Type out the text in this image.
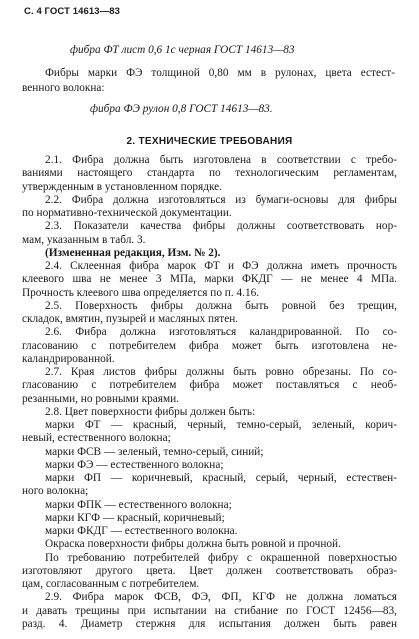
С. 4 ГОСТ 14613—83
фибра ФТ лист 0,6 1с черная ГОСТ 14613—83
Фибры марки ФЭ толщиной 0,80 мм в рулонах, цвета естест-
венного волокна:
фибра ФЭ рулон 0,8 ГОСТ 14613—83.
2. ТЕХНИЧЕСКИЕ ТРЕБОВАНИЯ
2.1. Фибра должна быть изготовлена в соответствии с требо-
ваниями настоящего стандарта по технологическим регламентам,
утвержденным в установленном порядке.
2.2. Фибра должна изготовляться из бумаги-основы для фибры
по нормативно-технической документации.
2.3. Показатели качества фибры должны соответствовать нор-
мам, указанным в табл. 3.
(Измененная редакция, Изм. № 2).
2.4. Склеенная фибра марок ФТ и ФЭ должна иметь прочность
клеевого шва не менее 3 МПа, марки ФКДГ — не менее 4 МПа.
Прочность клеевого шва определяется по п. 4.16.
2.5. Поверхность фибры должна быть ровной без трещин,
складок, вмятин, пузырей и масляных пятен.
2.6. Фибра должна изготовляться каландрированной. По со-
гласованию с потребителем фибра может быть изготовлена не-
каландрированной.
2.7. Края листов фибры должны быть ровно обрезаны. По со-
гласованию с потребителем фибра может поставляться с необ-
резанными, но ровными краями.
2.8. Цвет поверхности фибры должен быть:
марки ФТ — красный, черный, темно-серый, зеленый, корич-
невый, естественного волокна;
марки ФСВ — зеленый, темно-серый, синий;
марки ФЭ — естественного волокна;
марки ФП — коричневый, красный, серый, черный, естествен-
ного волокна;
марки ФПК — естественного волокна;
марки КГФ — красный, коричневый;
марки ФКДГ — естественного волокна.
Окраска поверхности фибры должна быть ровной и прочной.
По требованию потребителей фибру с окрашенной поверхностью
изготовляют другого цвета. Цвет должен соответствовать образ-
цам, согласованным с потребителем.
2.9. Фибра марок ФСВ, ФЭ, ФП, КГФ не должна ломаться
и давать трещины при испытании на стибание по ГОСТ 12456—83,
разд. 4. Диаметр стержня для испытания должен быть равен
